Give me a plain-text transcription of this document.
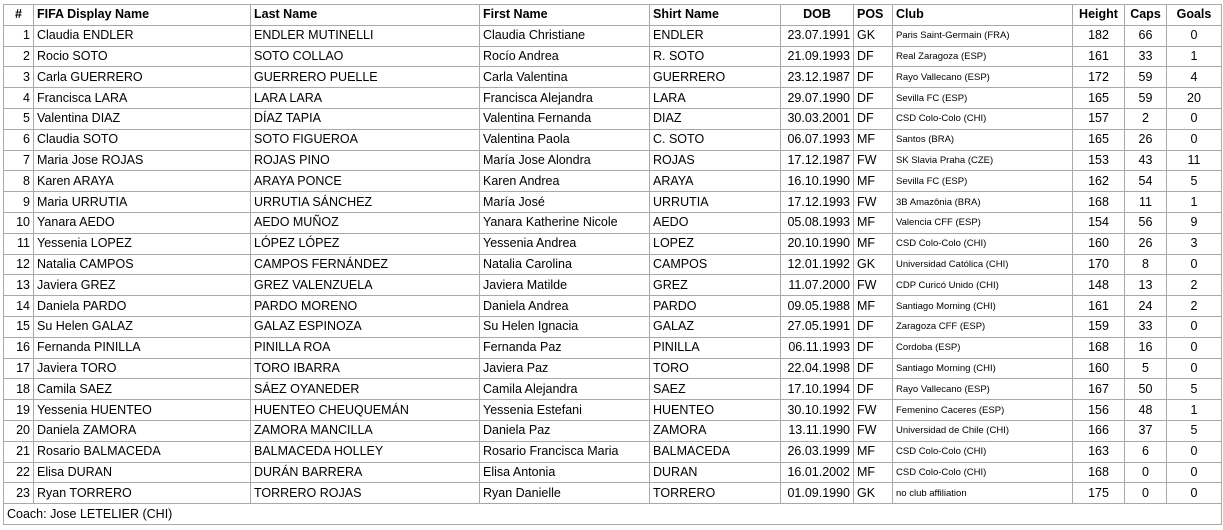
#	FIFA Display Name	Last Name	First Name	Shirt Name	DOB	POS	Club	Height	Caps	Goals
1	Claudia ENDLER	ENDLER MUTINELLI	Claudia Christiane	ENDLER	23.07.1991	GK	Paris Saint-Germain (FRA)	182	66	0
2	Rocio SOTO	SOTO COLLAO	Rocío Andrea	R. SOTO	21.09.1993	DF	Real Zaragoza (ESP)	161	33	1
3	Carla GUERRERO	GUERRERO PUELLE	Carla Valentina	GUERRERO	23.12.1987	DF	Rayo Vallecano (ESP)	172	59	4
4	Francisca LARA	LARA LARA	Francisca Alejandra	LARA	29.07.1990	DF	Sevilla FC (ESP)	165	59	20
5	Valentina DIAZ	DÍAZ TAPIA	Valentina Fernanda	DIAZ	30.03.2001	DF	CSD Colo-Colo (CHI)	157	2	0
6	Claudia SOTO	SOTO FIGUEROA	Valentina Paola	C. SOTO	06.07.1993	MF	Santos (BRA)	165	26	0
7	Maria Jose ROJAS	ROJAS PINO	María Jose Alondra	ROJAS	17.12.1987	FW	SK Slavia Praha (CZE)	153	43	11
8	Karen ARAYA	ARAYA PONCE	Karen Andrea	ARAYA	16.10.1990	MF	Sevilla FC (ESP)	162	54	5
9	Maria URRUTIA	URRUTIA SÁNCHEZ	María José	URRUTIA	17.12.1993	FW	3B Amazônia (BRA)	168	11	1
10	Yanara AEDO	AEDO MUÑOZ	Yanara Katherine Nicole	AEDO	05.08.1993	MF	Valencia CFF (ESP)	154	56	9
11	Yessenia LOPEZ	LÓPEZ LÓPEZ	Yessenia Andrea	LOPEZ	20.10.1990	MF	CSD Colo-Colo (CHI)	160	26	3
12	Natalia CAMPOS	CAMPOS FERNÁNDEZ	Natalia Carolina	CAMPOS	12.01.1992	GK	Universidad Católica (CHI)	170	8	0
13	Javiera GREZ	GREZ VALENZUELA	Javiera Matilde	GREZ	11.07.2000	FW	CDP Curicó Unido (CHI)	148	13	2
14	Daniela PARDO	PARDO MORENO	Daniela Andrea	PARDO	09.05.1988	MF	Santiago Morning (CHI)	161	24	2
15	Su Helen GALAZ	GALAZ ESPINOZA	Su Helen Ignacia	GALAZ	27.05.1991	DF	Zaragoza CFF (ESP)	159	33	0
16	Fernanda PINILLA	PINILLA ROA	Fernanda Paz	PINILLA	06.11.1993	DF	Cordoba (ESP)	168	16	0
17	Javiera TORO	TORO IBARRA	Javiera Paz	TORO	22.04.1998	DF	Santiago Morning (CHI)	160	5	0
18	Camila SAEZ	SÁEZ OYANEDER	Camila Alejandra	SAEZ	17.10.1994	DF	Rayo Vallecano (ESP)	167	50	5
19	Yessenia HUENTEO	HUENTEO CHEUQUEMÁN	Yessenia Estefani	HUENTEO	30.10.1992	FW	Femenino Caceres (ESP)	156	48	1
20	Daniela ZAMORA	ZAMORA MANCILLA	Daniela Paz	ZAMORA	13.11.1990	FW	Universidad de Chile (CHI)	166	37	5
21	Rosario BALMACEDA	BALMACEDA HOLLEY	Rosario Francisca Maria	BALMACEDA	26.03.1999	MF	CSD Colo-Colo (CHI)	163	6	0
22	Elisa DURAN	DURÁN BARRERA	Elisa Antonia	DURAN	16.01.2002	MF	CSD Colo-Colo (CHI)	168	0	0
23	Ryan TORRERO	TORRERO ROJAS	Ryan Danielle	TORRERO	01.09.1990	GK	no club affiliation	175	0	0
Coach: Jose LETELIER (CHI)										
